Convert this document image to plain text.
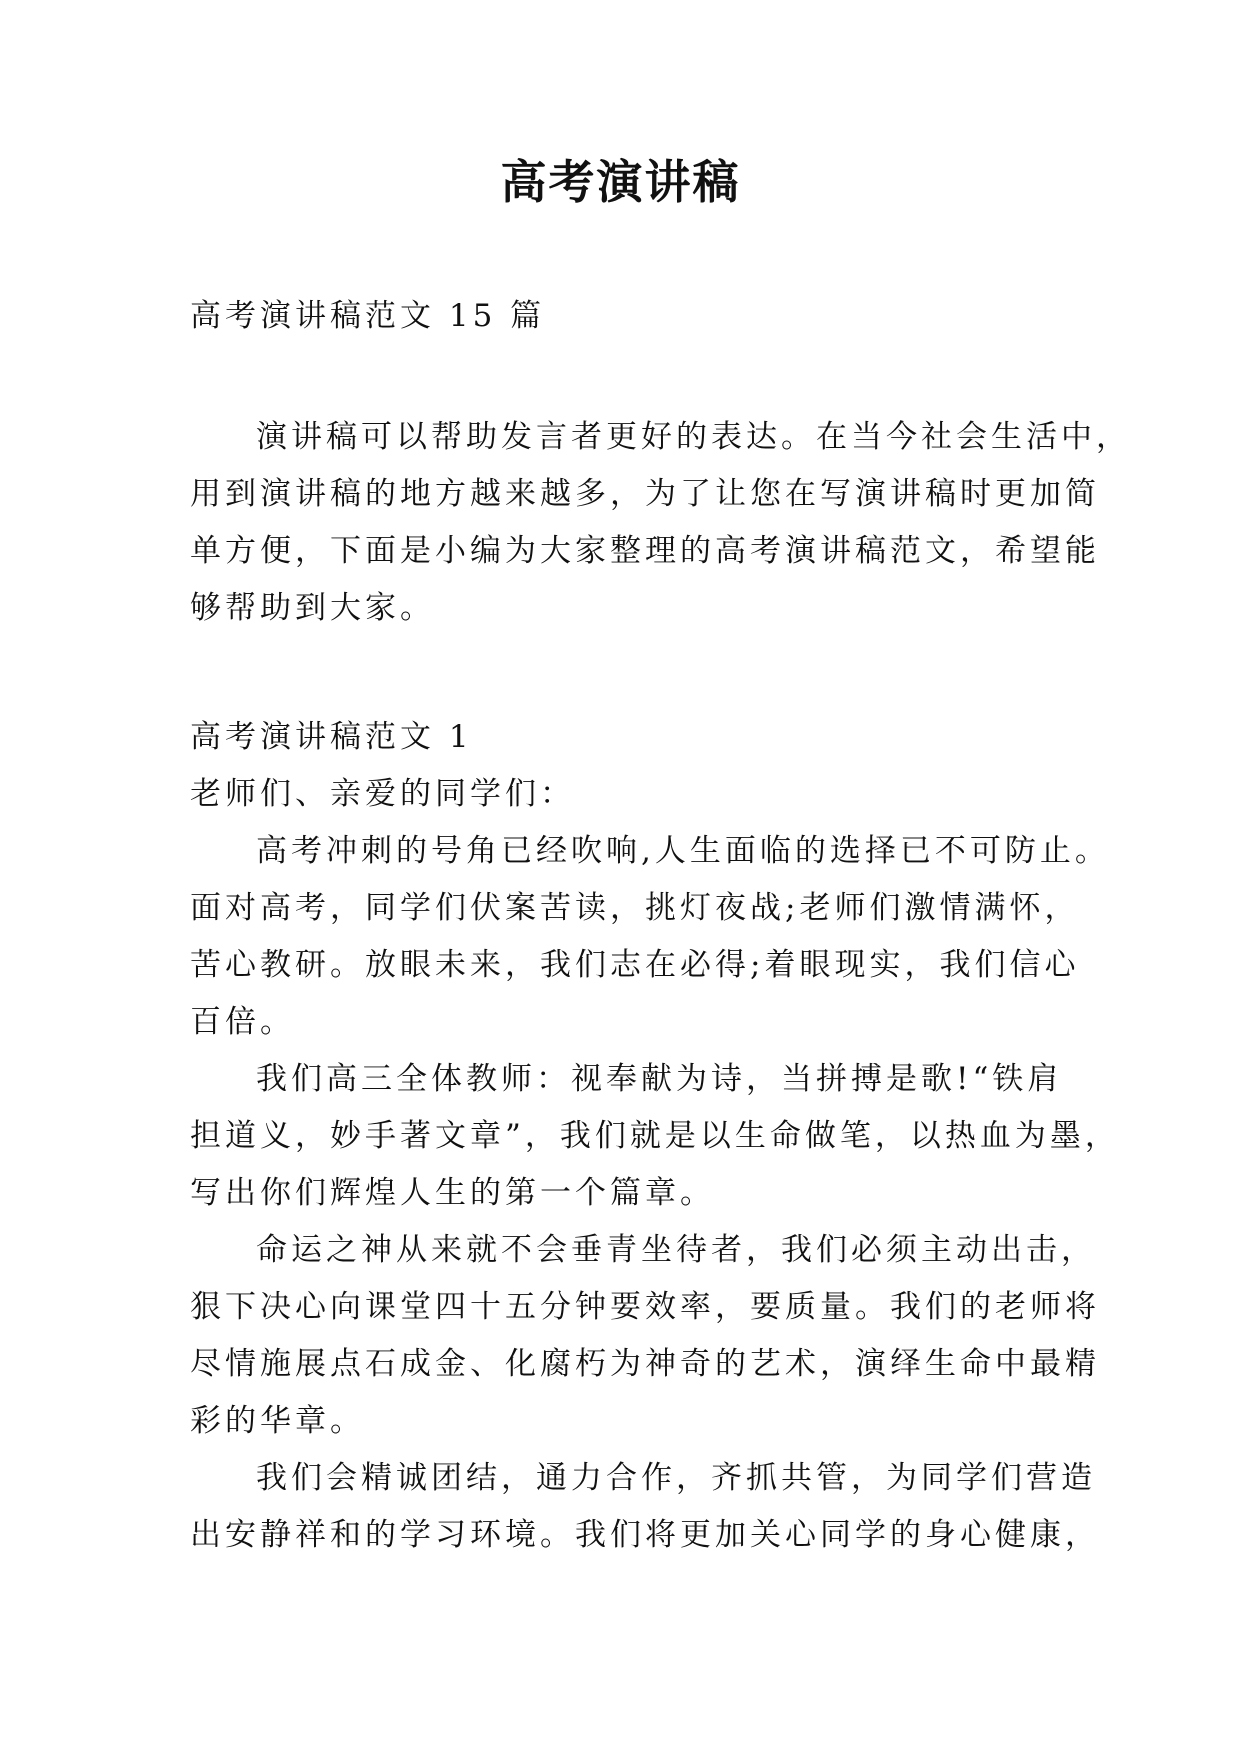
高考演讲稿

高考演讲稿范文 15 篇

演讲稿可以帮助发言者更好的表达。在当今社会生活中，
用到演讲稿的地方越来越多，为了让您在写演讲稿时更加简
单方便，下面是小编为大家整理的高考演讲稿范文，希望能
够帮助到大家。

高考演讲稿范文 1

老师们、亲爱的同学们：

高考冲刺的号角已经吹响,人生面临的选择已不可防止。
面对高考，同学们伏案苦读，挑灯夜战;老师们激情满怀，
苦心教研。放眼未来，我们志在必得;着眼现实，我们信心
百倍。

我们高三全体教师：视奉献为诗，当拼搏是歌!“铁肩
担道义，妙手著文章”，我们就是以生命做笔，以热血为墨，
写出你们辉煌人生的第一个篇章。

命运之神从来就不会垂青坐待者，我们必须主动出击，
狠下决心向课堂四十五分钟要效率，要质量。我们的老师将
尽情施展点石成金、化腐朽为神奇的艺术，演绎生命中最精
彩的华章。

我们会精诚团结，通力合作，齐抓共管，为同学们营造
出安静祥和的学习环境。我们将更加关心同学的身心健康，
